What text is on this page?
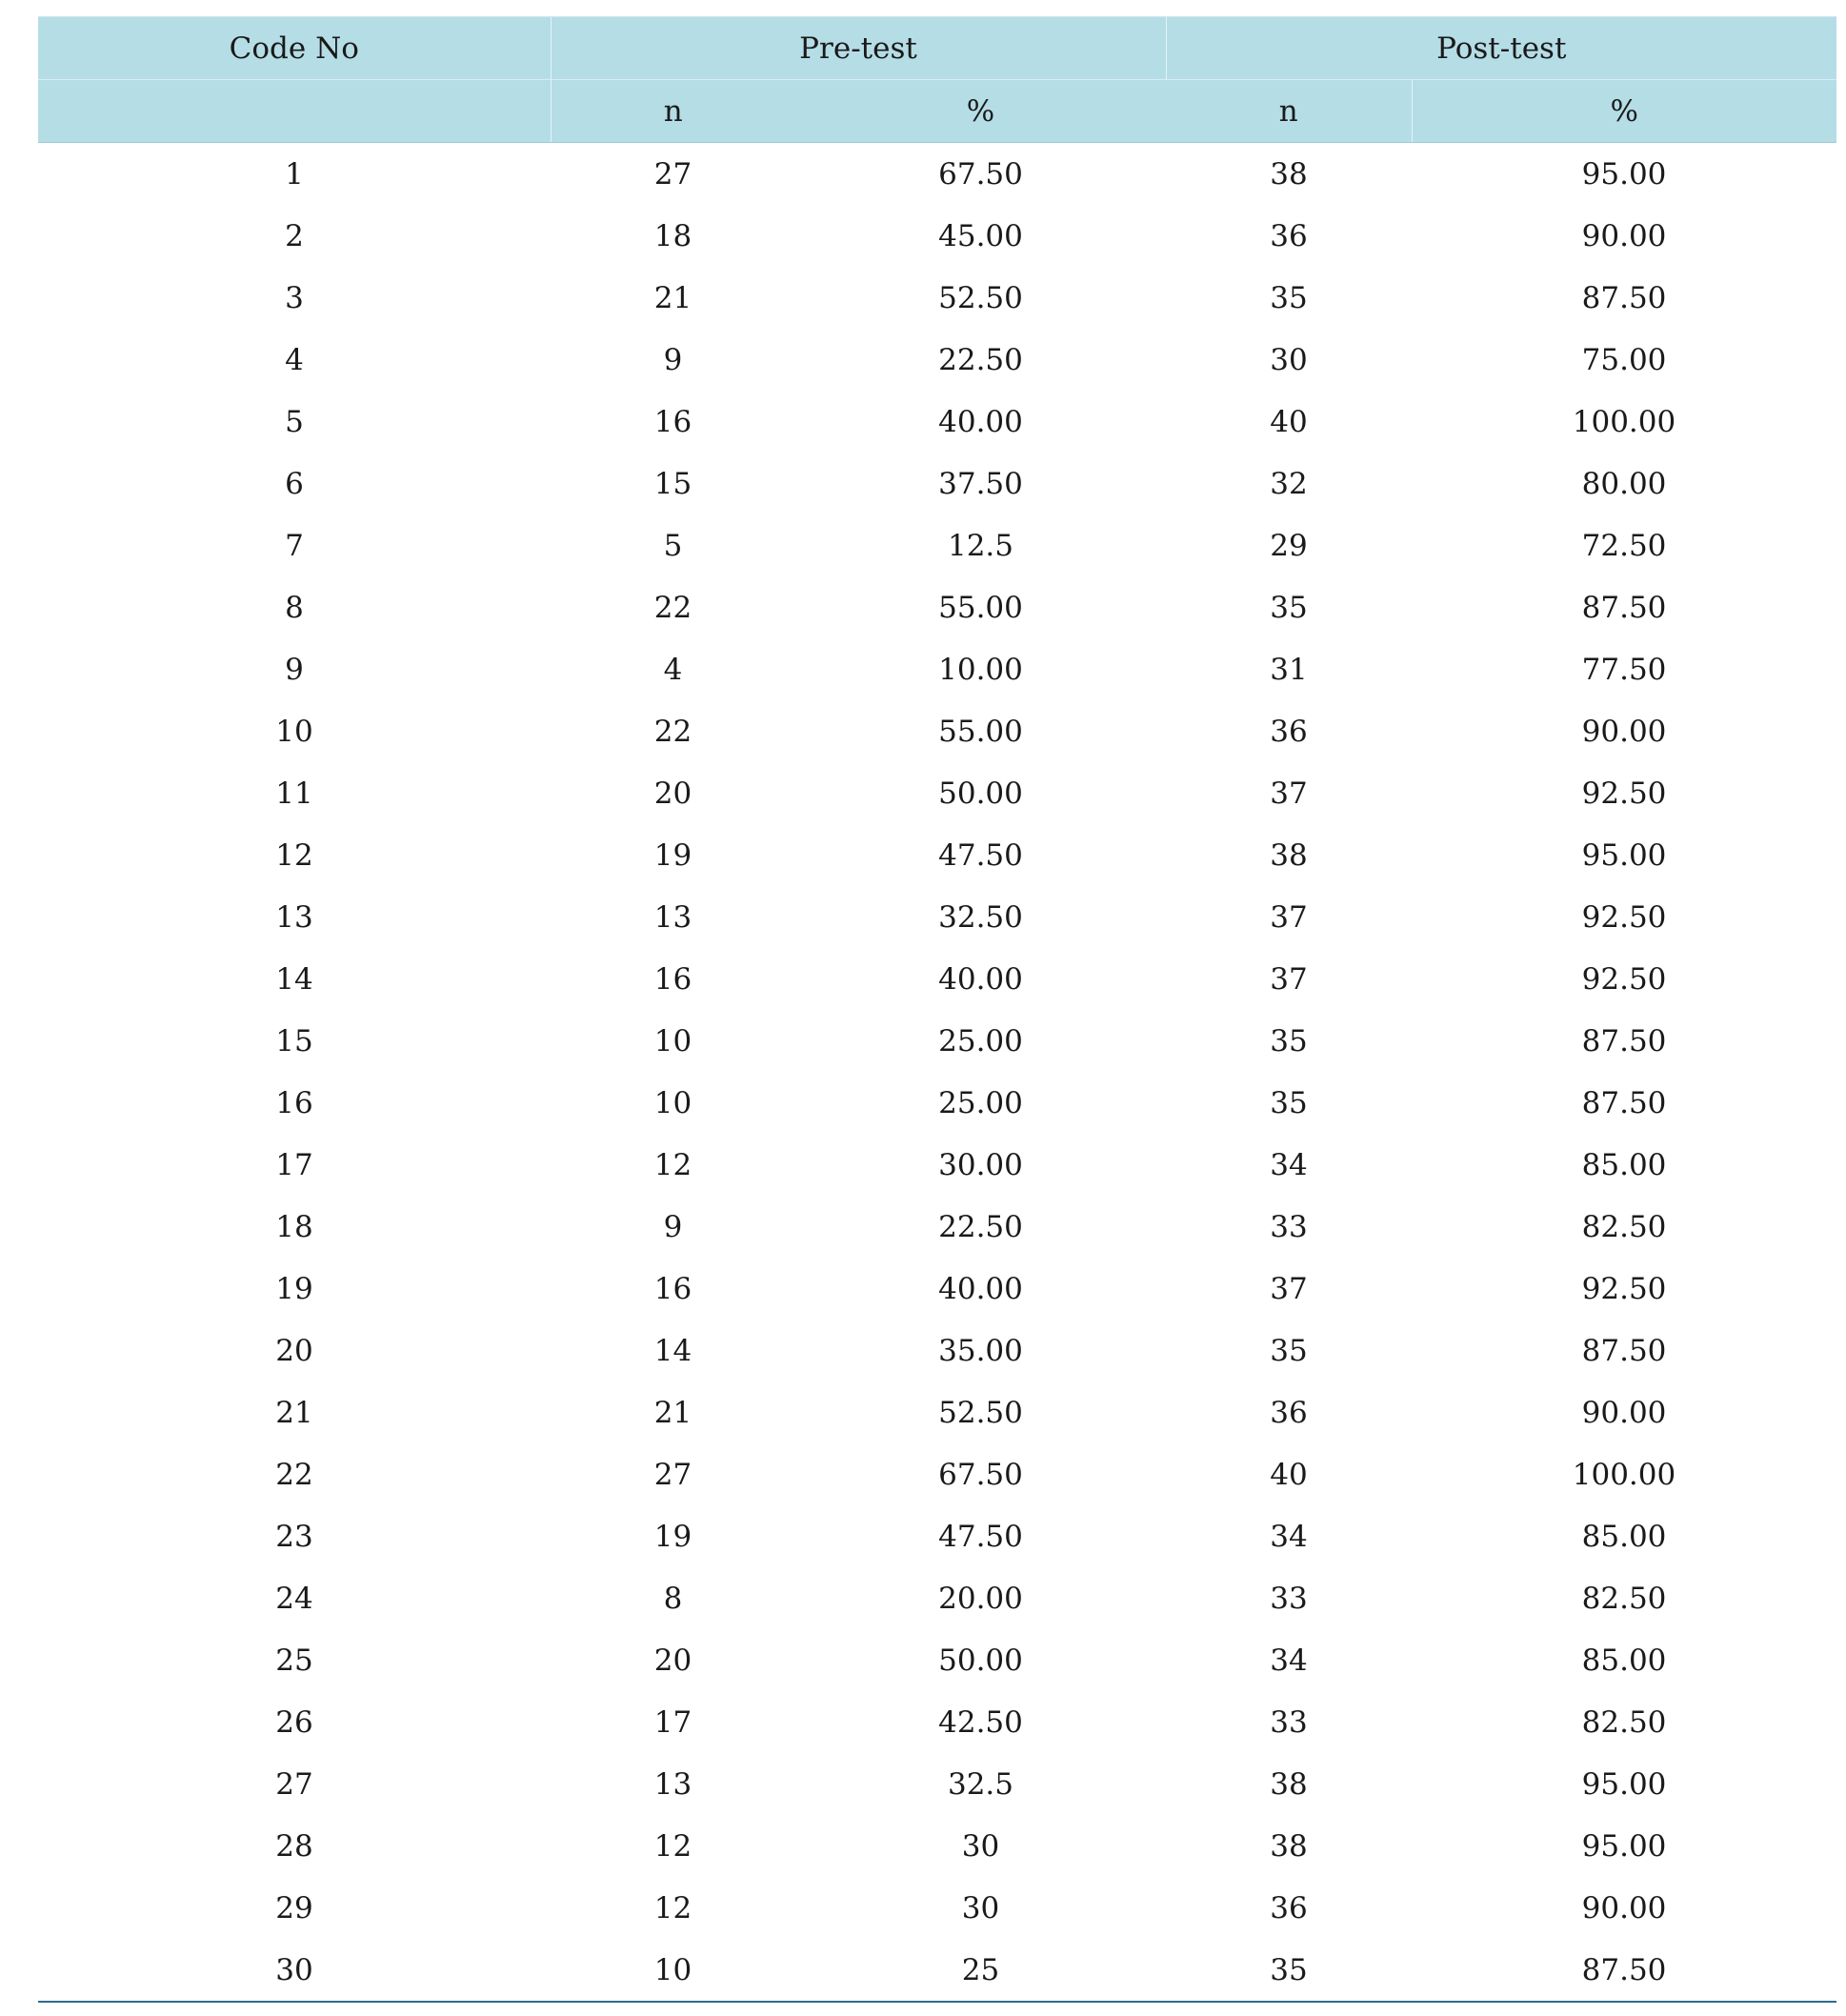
Code No	Pre-test		Post-test	
	n	%	n	%
1	27	67.50	38	95.00
2	18	45.00	36	90.00
3	21	52.50	35	87.50
4	9	22.50	30	75.00
5	16	40.00	40	100.00
6	15	37.50	32	80.00
7	5	12.5	29	72.50
8	22	55.00	35	87.50
9	4	10.00	31	77.50
10	22	55.00	36	90.00
11	20	50.00	37	92.50
12	19	47.50	38	95.00
13	13	32.50	37	92.50
14	16	40.00	37	92.50
15	10	25.00	35	87.50
16	10	25.00	35	87.50
17	12	30.00	34	85.00
18	9	22.50	33	82.50
19	16	40.00	37	92.50
20	14	35.00	35	87.50
21	21	52.50	36	90.00
22	27	67.50	40	100.00
23	19	47.50	34	85.00
24	8	20.00	33	82.50
25	20	50.00	34	85.00
26	17	42.50	33	82.50
27	13	32.5	38	95.00
28	12	30	38	95.00
29	12	30	36	90.00
30	10	25	35	87.50
